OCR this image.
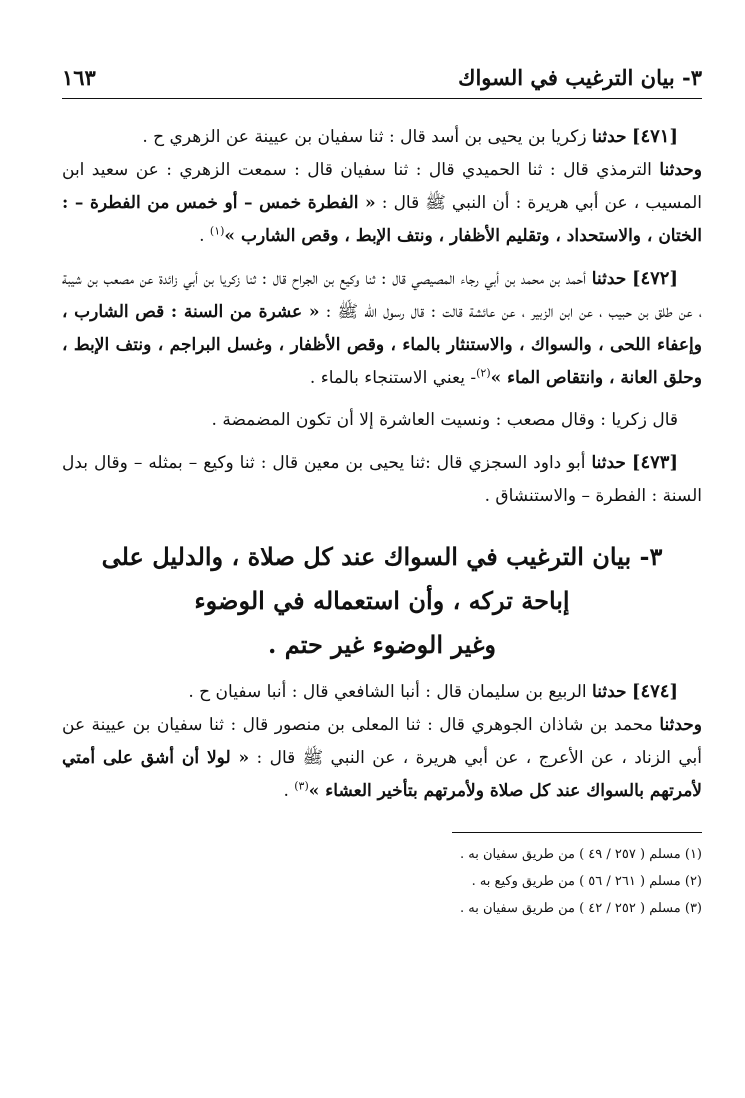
٣- بيان الترغيب في السواك
١٦٣

[٤٧١] حدثنا زكريا بن يحيى بن أسد قال : ثنا سفيان بن عيينة عن الزهري ح .

وحدثنا الترمذي قال : ثنا الحميدي قال : ثنا سفيان قال : سمعت الزهري : عن سعيد ابن المسيب ، عن أبي هريرة : أن النبي ﷺ قال : « الفطرة خمس – أو خمس من الفطرة – : الختان ، والاستحداد ، وتقليم الأظفار ، ونتف الإبط ، وقص الشارب »$^{(١)}$ .

[٤٧٢] حدثنا أحمد بن محمد بن أبي رجاء المصيصي قال : ثنا وكيع بن الجراح قال : ثنا زكريا بن أبي زائدة عن مصعب بن شيبة ، عن طلق بن حبيب ، عن ابن الزبير ، عن عائشة قالت : قال رسول اللّه ﷺ : « عشرة من السنة : قص الشارب ، وإعفاء اللحى ، والسواك ، والاستنثار بالماء ، وقص الأظفار ، وغسل البراجم ، ونتف الإبط ، وحلق العانة ، وانتقاص الماء »$^{(٢)}$- يعني الاستنجاء بالماء .

قال زكريا : وقال مصعب : ونسيت العاشرة إلا أن تكون المضمضة .

[٤٧٣] حدثنا أبو داود السجزي قال :ثنا يحيى بن معين قال : ثنا وكيع – بمثله – وقال بدل السنة : الفطرة – والاستنشاق .

٣- بيان الترغيب في السواك عند كل صلاة ، والدليل على
إباحة تركه ، وأن استعماله في الوضوء
وغير الوضوء غير حتم .

[٤٧٤] حدثنا الربيع بن سليمان قال : أنبا الشافعي قال : أنبا سفيان ح .

وحدثنا محمد بن شاذان الجوهري قال : ثنا المعلى بن منصور قال : ثنا سفيان بن عيينة عن أبي الزناد ، عن الأعرج ، عن أبي هريرة ، عن النبي ﷺ قال : « لولا أن أشق على أمتي لأمرتهم بالسواك عند كل صلاة ولأمرتهم بتأخير العشاء »$^{(٣)}$ .

(١) مسلم ( ٢٥٧ / ٤٩ ) من طريق سفيان به .
(٢) مسلم ( ٢٦١ / ٥٦ ) من طريق وكيع به .
(٣) مسلم ( ٢٥٢ / ٤٢ ) من طريق سفيان به .
